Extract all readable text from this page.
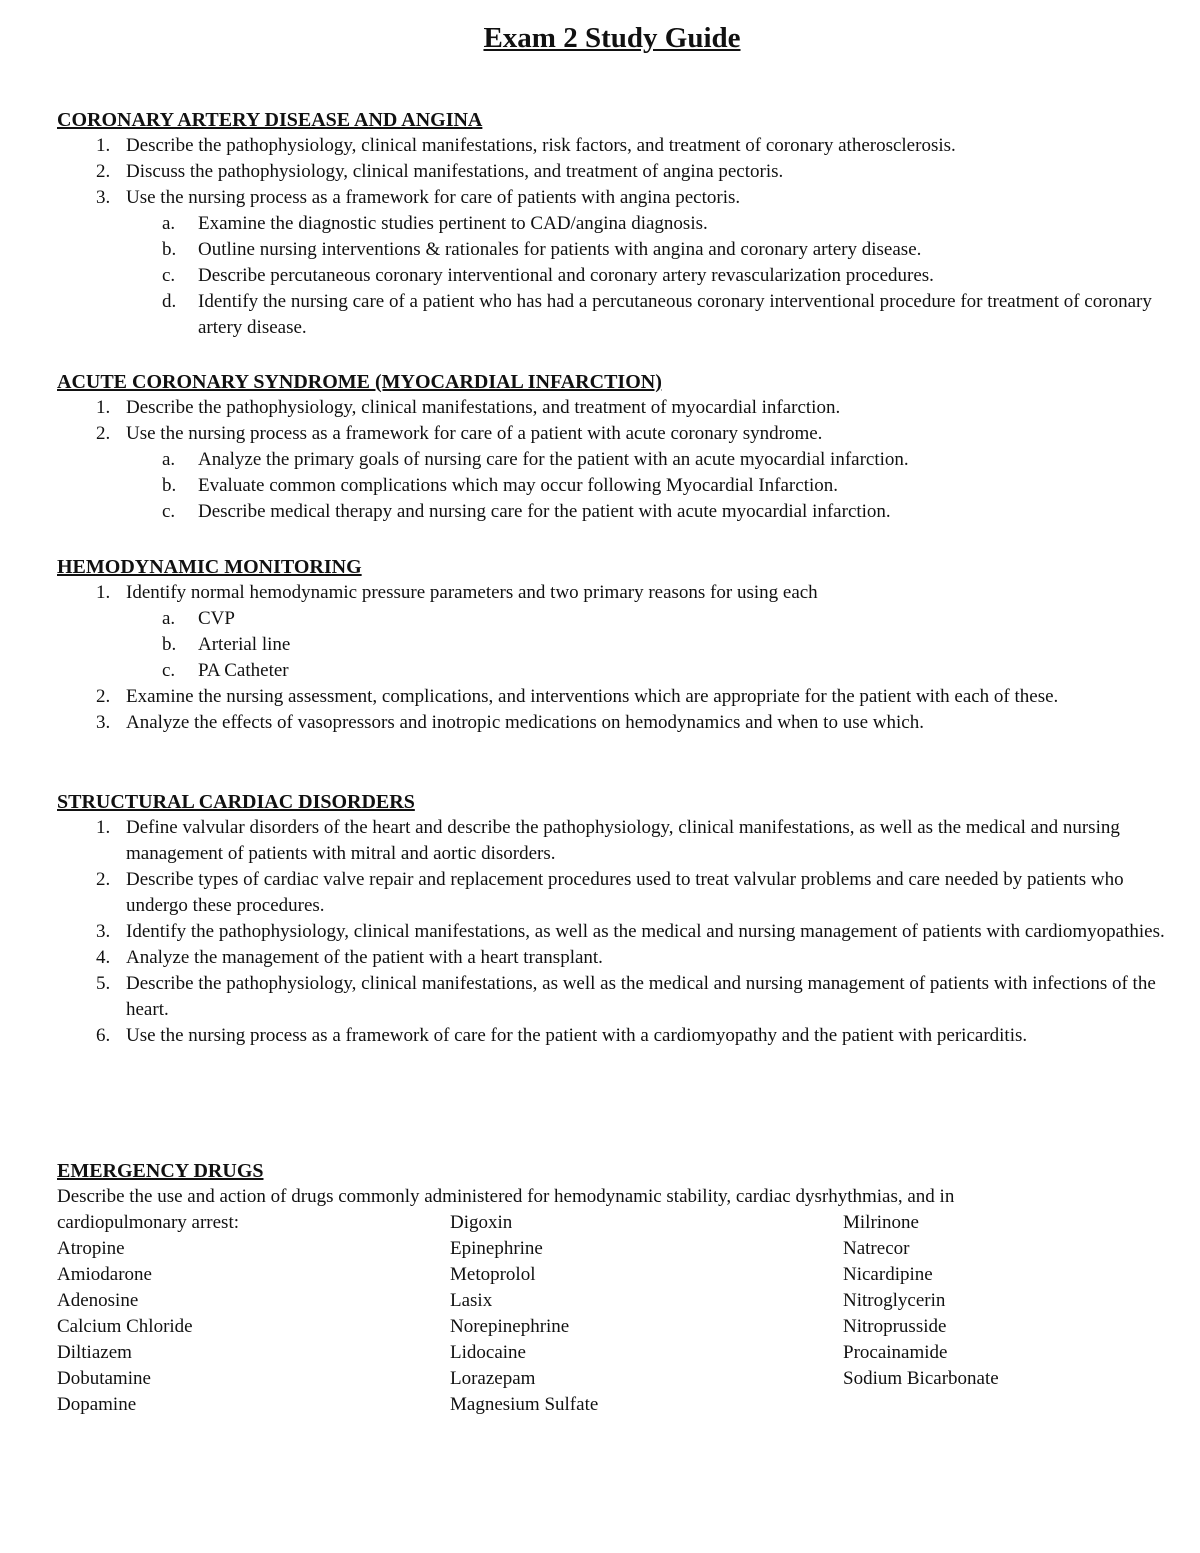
Exam 2 Study Guide
CORONARY ARTERY DISEASE AND ANGINA
1. Describe the pathophysiology, clinical manifestations, risk factors, and treatment of coronary atherosclerosis.
2. Discuss the pathophysiology, clinical manifestations, and treatment of angina pectoris.
3. Use the nursing process as a framework for care of patients with angina pectoris.
a.	Examine the diagnostic studies pertinent to CAD/angina diagnosis.
b.	Outline nursing interventions & rationales for patients with angina and coronary artery disease.
c.	Describe percutaneous coronary interventional and coronary artery revascularization procedures.
d.	Identify the nursing care of a patient who has had a percutaneous coronary interventional procedure for treatment of coronary artery disease.
ACUTE CORONARY SYNDROME (MYOCARDIAL INFARCTION)
1. Describe the pathophysiology, clinical manifestations, and treatment of myocardial infarction.
2. Use the nursing process as a framework for care of a patient with acute coronary syndrome.
a.	Analyze the primary goals of nursing care for the patient with an acute myocardial infarction.
b.	Evaluate common complications which may occur following Myocardial Infarction.
c.	Describe medical therapy and nursing care for the patient with acute myocardial infarction.
HEMODYNAMIC MONITORING
1. Identify normal hemodynamic pressure parameters and two primary reasons for using each
a.	CVP
b.	Arterial line
c.	PA Catheter
2. Examine the nursing assessment, complications, and interventions which are appropriate for the patient with each of these.
3. Analyze the effects of vasopressors and inotropic medications on hemodynamics and when to use which.
STRUCTURAL CARDIAC DISORDERS
1. Define valvular disorders of the heart and describe the pathophysiology, clinical manifestations, as well as the medical and nursing management of patients with mitral and aortic disorders.
2. Describe types of cardiac valve repair and replacement procedures used to treat valvular problems and care needed by patients who undergo these procedures.
3. Identify the pathophysiology, clinical manifestations, as well as the medical and nursing management of patients with cardiomyopathies.
4. Analyze the management of the patient with a heart transplant.
5. Describe the pathophysiology, clinical manifestations, as well as the medical and nursing management of patients with infections of the heart.
6. Use the nursing process as a framework of care for the patient with a cardiomyopathy and the patient with pericarditis.
EMERGENCY DRUGS
Describe the use and action of drugs commonly administered for hemodynamic stability, cardiac dysrhythmias, and in
cardiopulmonary arrest:
Atropine
Amiodarone
Adenosine
Calcium Chloride
Diltiazem
Dobutamine
Dopamine
Digoxin
Epinephrine
Metoprolol
Lasix
Norepinephrine
Lidocaine
Lorazepam
Magnesium Sulfate
Milrinone
Natrecor
Nicardipine
Nitroglycerin
Nitroprusside
Procainamide
Sodium Bicarbonate
